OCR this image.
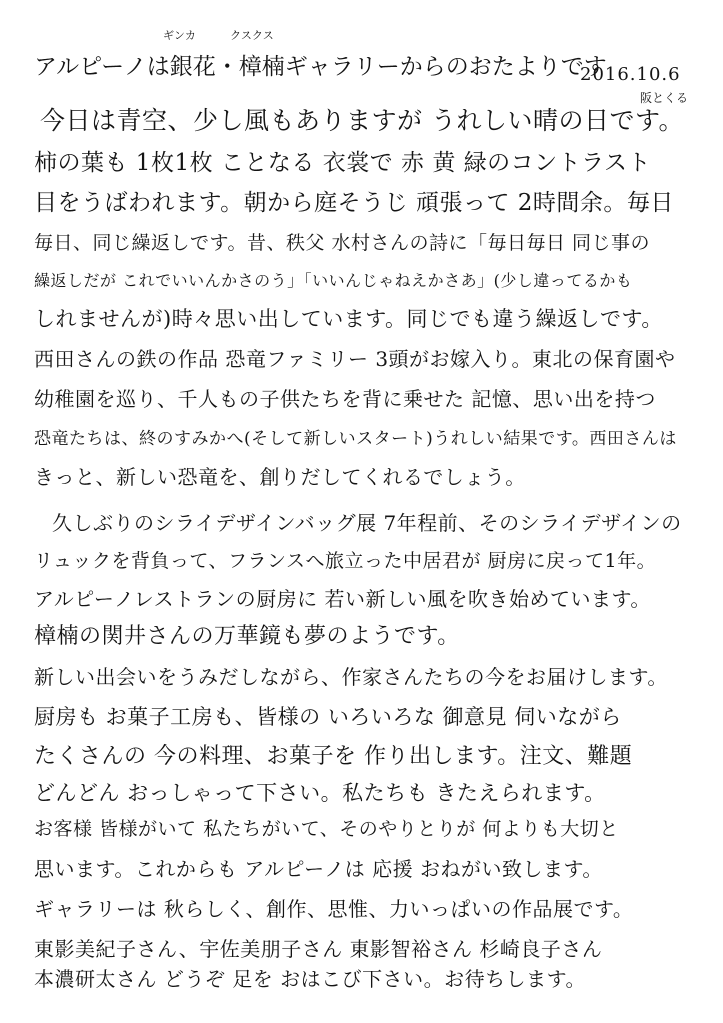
ギンカ	クスクス
アルピーノは銀花・樟楠ギャラリーからのおたよりです
2016.10.6
阪とくる
今日は青空、少し風もありますが うれしい晴の日です。
柿の葉も 1枚1枚 ことなる 衣裳で 赤 黄 緑のコントラスト
目をうばわれます。朝から庭そうじ 頑張って 2時間余。毎日
毎日、同じ繰返しです。昔、秩父 水村さんの詩に「毎日毎日 同じ事の
繰返しだが これでいいんかさのう」「いいんじゃねえかさあ」(少し違ってるかも
しれませんが)時々思い出しています。同じでも違う繰返しです。
西田さんの鉄の作品 恐竜ファミリー 3頭がお嫁入り。東北の保育園や
幼稚園を巡り、千人もの子供たちを背に乗せた 記憶、思い出を持つ
恐竜たちは、終のすみかへ(そして新しいスタート)うれしい結果です。西田さんは
きっと、新しい恐竜を、創りだしてくれるでしょう。
久しぶりのシライデザインバッグ展 7年程前、そのシライデザインの
リュックを背負って、フランスへ旅立った中居君が 厨房に戻って1年。
アルピーノレストランの厨房に 若い新しい風を吹き始めています。
樟楠の関井さんの万華鏡も夢のようです。
新しい出会いをうみだしながら、作家さんたちの今をお届けします。
厨房も お菓子工房も、皆様の いろいろな 御意見 伺いながら
たくさんの 今の料理、お菓子を 作り出します。注文、難題
どんどん おっしゃって下さい。私たちも きたえられます。
お客様 皆様がいて 私たちがいて、そのやりとりが 何よりも大切と
思います。これからも アルピーノは 応援 おねがい致します。
ギャラリーは 秋らしく、創作、思惟、力いっぱいの作品展です。
東影美紀子さん、宇佐美朋子さん 東影智裕さん 杉崎良子さん
本濃研太さん どうぞ 足を おはこび下さい。お待ちします。
